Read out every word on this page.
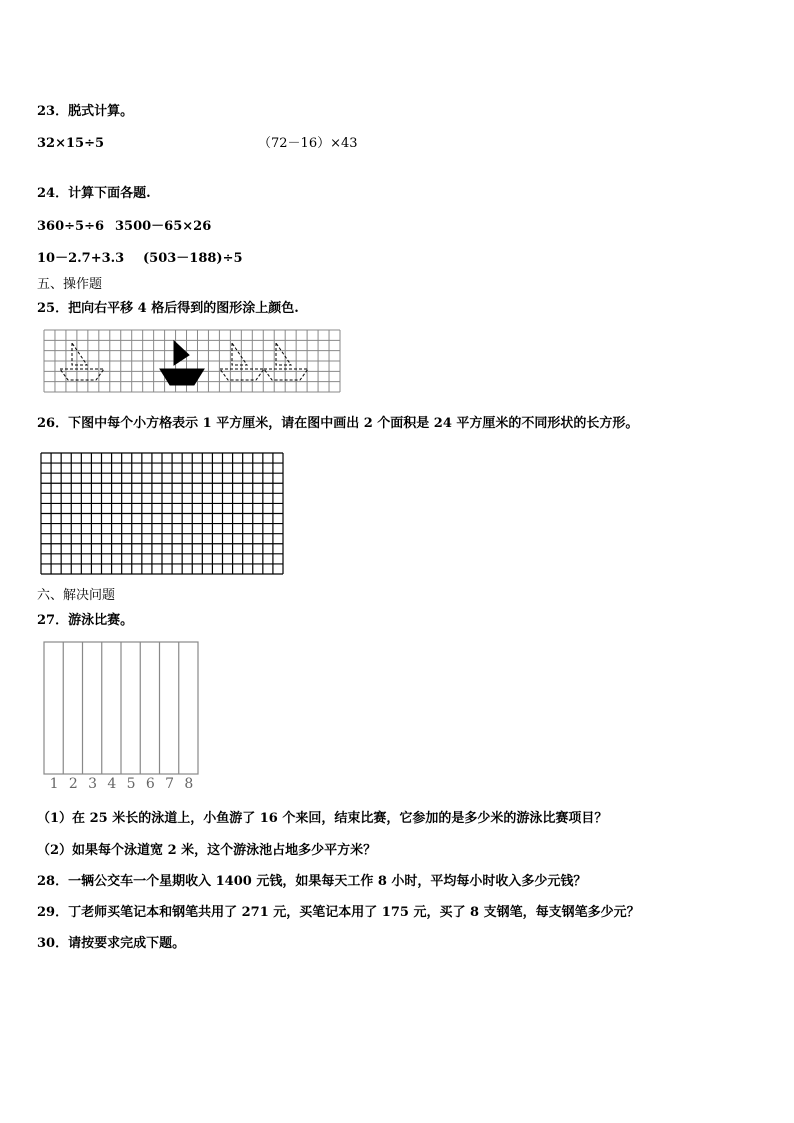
23．脱式计算。
32×15÷5	（72－16）×43
24．计算下面各题.
360÷5÷6 3500－65×26
10－2.7+3.3 (503－188)÷5
五、操作题
25．把向右平移 4 格后得到的图形涂上颜色.
26．下图中每个小方格表示 1 平方厘米，请在图中画出 2 个面积是 24 平方厘米的不同形状的长方形。
六、解决问题
27．游泳比赛。
1 2 3 4 5 6 7 8
（1）在 25 米长的泳道上，小鱼游了 16 个来回，结束比赛，它参加的是多少米的游泳比赛项目？
（2）如果每个泳道宽 2 米，这个游泳池占地多少平方米？
28．一辆公交车一个星期收入 1400 元钱，如果每天工作 8 小时，平均每小时收入多少元钱？
29．丁老师买笔记本和钢笔共用了 271 元，买笔记本用了 175 元，买了 8 支钢笔，每支钢笔多少元？
30．请按要求完成下题。
